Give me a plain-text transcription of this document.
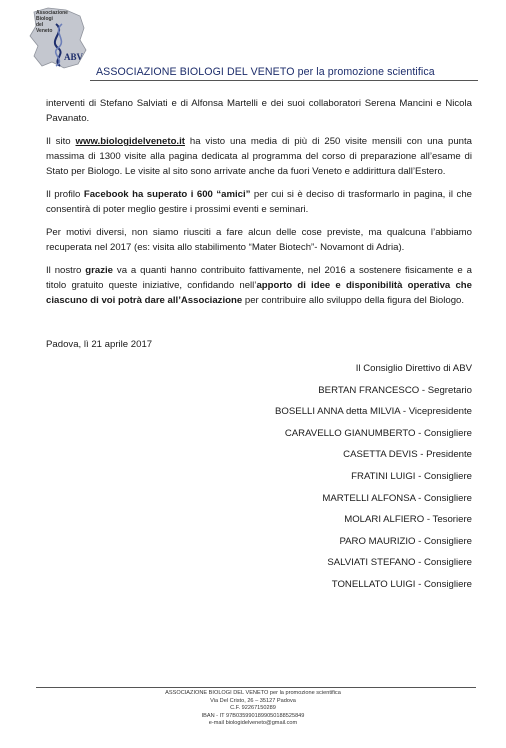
Associazione
Biologi
del
Veneto
ABV
ASSOCIAZIONE BIOLOGI DEL VENETO per la promozione scientifica

interventi di Stefano Salviati e di Alfonsa Martelli e dei suoi collaboratori Serena Mancini e Nicola Pavanato.

Il sito www.biologidelveneto.it ha visto una media di più di 250 visite mensili con una punta massima di 1300 visite alla pagina dedicata al programma del corso di preparazione all’esame di Stato per Biologo. Le visite al sito sono arrivate anche da fuori Veneto e addirittura dall’Estero.

Il profilo Facebook ha superato i 600 “amici” per cui si è deciso di trasformarlo in pagina, il che consentirà di poter meglio gestire i prossimi eventi e seminari.

Per motivi diversi, non siamo riusciti a fare alcun delle cose previste, ma qualcuna l’abbiamo recuperata nel 2017 (es: visita allo stabilimento “Mater Biotech”- Novamont di Adria).

Il nostro grazie va a quanti hanno contribuito fattivamente, nel 2016 a sostenere fisicamente e a titolo gratuito queste iniziative, confidando nell’apporto di idee e disponibilità operativa che ciascuno di voi potrà dare all’Associazione per contribuire allo sviluppo della figura del Biologo.

Padova, lì 21 aprile 2017
Il Consiglio Direttivo di ABV
BERTAN FRANCESCO - Segretario
BOSELLI ANNA detta MILVIA - Vicepresidente
CARAVELLO GIANUMBERTO - Consigliere
CASETTA DEVIS - Presidente
FRATINI LUIGI - Consigliere
MARTELLI ALFONSA - Consigliere
MOLARI ALFIERO - Tesoriere
PARO MAURIZIO - Consigliere
SALVIATI STEFANO - Consigliere
TONELLATO LUIGI - Consigliere
ASSOCIAZIONE BIOLOGI DEL VENETO per la promozione scientifica
Via Del Cristo, 26 – 35127 Padova
C.F. 92267150289
IBAN - IT 97B0359901899050188525849
e-mail biologidelveneto@gmail.com
